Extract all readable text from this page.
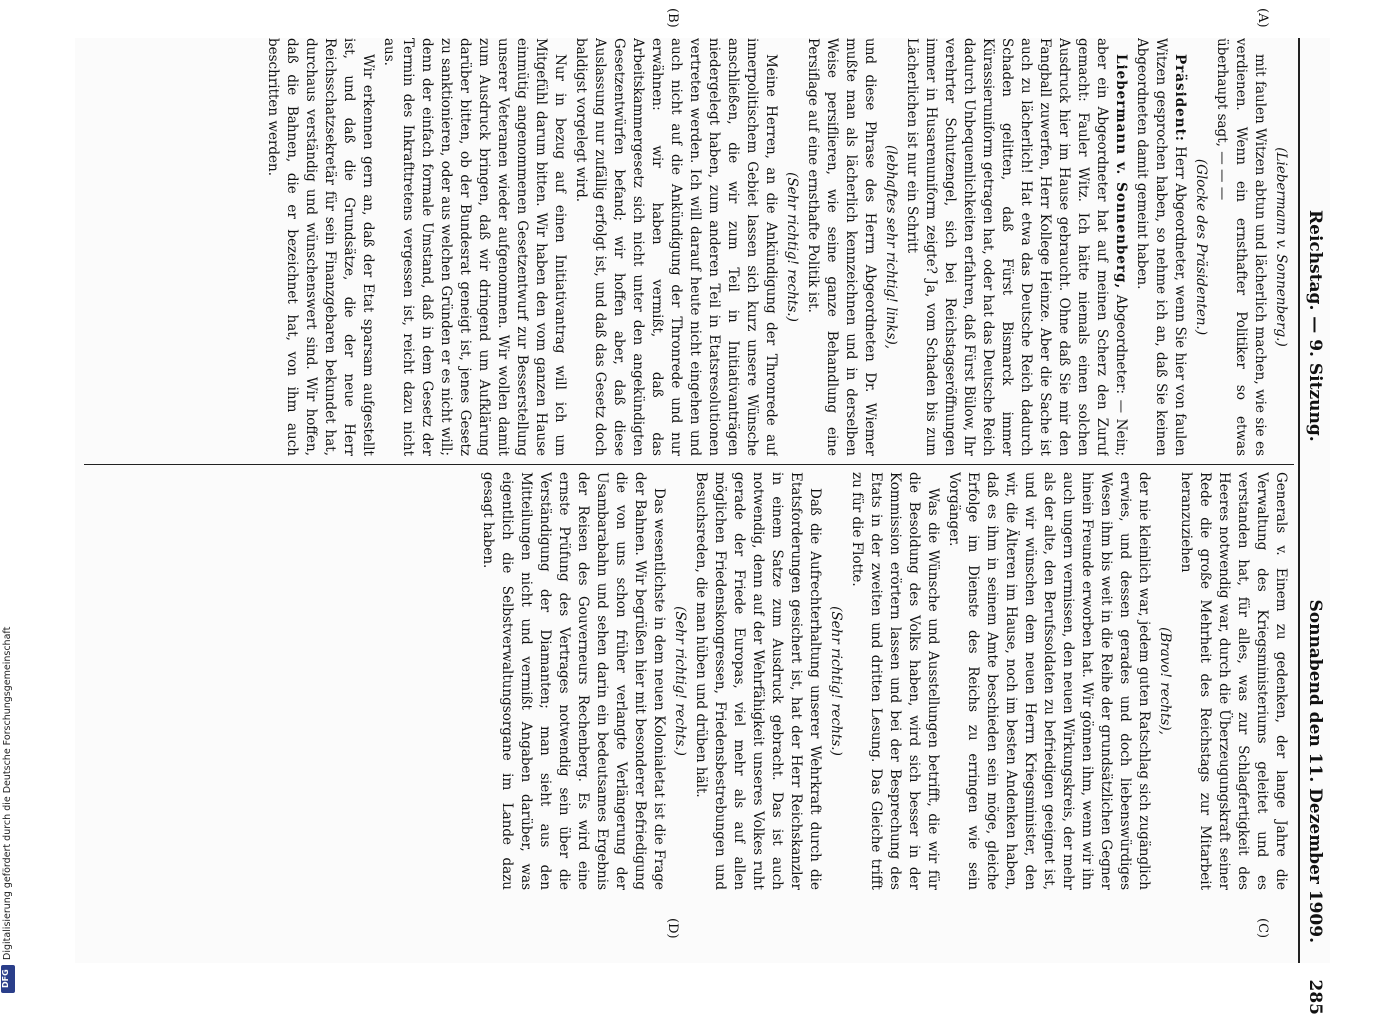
Digitalisierung gefördert durch die Deutsche Forschungsgemeinschaft
DFG
Reichstag. — 9. Sitzung.
Sonnabend den 11. Dezember 1909.
285

(Liebermann v. Sonnenberg.)

mit faulen Witzen abtun und lächerlich machen, wie sie es verdienen. Wenn ein ernsthafter Politiker so etwas überhaupt sagt, — — —

(Glocke des Präsidenten.)

Präsident: Herr Abgeordneter, wenn Sie hier von faulen Witzen gesprochen haben, so nehme ich an, daß Sie keinen Abgeordneten damit gemeint haben.

Liebermann v. Sonnenberg, Abgeordneter: — Nein; aber ein Abgeordneter hat auf meinen Scherz den Zuruf gemacht: Fauler Witz. Ich hätte niemals einen solchen Ausdruck hier im Hause gebraucht. Ohne daß Sie mir den Fangball zuwerfen, Herr Kollege Heinze. Aber die Sache ist auch zu lächerlich! Hat etwa das Deutsche Reich dadurch Schaden gelitten, daß Fürst Bismarck immer Kürassieruniform getragen hat, oder hat das Deutsche Reich dadurch Unbequemlichkeiten erfahren, daß Fürst Bülow, Ihr verehrter Schutzengel, sich bei Reichstagseröffnungen immer in Husarenuniform zeigte? Ja, vom Schaden bis zum Lächerlichen ist nur ein Schritt

(lebhaftes sehr richtig! links),

und diese Phrase des Herrn Abgeordneten Dr. Wiemer mußte man als lächerlich kennzeichnen und in derselben Weise persiflieren, wie seine ganze Behandlung eine Persiflage auf eine ernsthafte Politik ist.

(Sehr richtig! rechts.)

Meine Herren, an die Ankündigung der Thronrede auf innerpolitischem Gebiet lassen sich kurz unsere Wünsche anschließen, die wir zum Teil in Initiativanträgen niedergelegt haben, zum anderen Teil in Etatsresolutionen vertreten werden. Ich will darauf heute nicht eingehen und auch nicht auf die Ankündigung der Thronrede und nur erwähnen: wir haben vermißt, daß das Arbeitskammergesetz sich nicht unter den angekündigten Gesetzentwürfen befand; wir hoffen aber, daß diese Auslassung nur zufällig erfolgt ist, und daß das Gesetz doch baldigst vorgelegt wird.

Nur in bezug auf einen Initiativantrag will ich um Mitgefühl darum bitten. Wir haben den vom ganzen Hause einmütig angenommenen Gesetzentwurf zur Besserstellung unserer Veteranen wieder aufgenommen. Wir wollen damit zum Ausdruck bringen, daß wir dringend um Aufklärung darüber bitten, ob der Bundesrat geneigt ist, jenes Gesetz zu sanktionieren, oder aus welchen Gründen er es nicht will; denn der einfach formale Umstand, daß in dem Gesetz der Termin des Inkrafttretens vergessen ist, reicht dazu nicht aus.

Wir erkennen gern an, daß der Etat sparsam aufgestellt ist, und daß die Grundsätze, die der neue Herr Reichsschatzsekretär für sein Finanzgebaren bekundet hat, durchaus verständig und wünschenswert sind. Wir hoffen, daß die Bahnen, die er bezeichnet hat, von ihm auch beschritten werden.

Generals v. Einem zu gedenken, der lange Jahre die Verwaltung des Kriegsministeriums geleitet und es verstanden hat, für alles, was zur Schlagfertigkeit des Heeres notwendig war, durch die Überzeugungskraft seiner Rede die große Mehrheit des Reichstags zur Mitarbeit heranzuziehen

(Bravo! rechts),

der nie kleinlich war, jedem guten Ratschlag sich zugänglich erwies, und dessen gerades und doch liebenswürdiges Wesen ihm bis weit in die Reihe der grundsätzlichen Gegner hinein Freunde erworben hat. Wir gönnen ihm, wenn wir ihn auch ungern vermissen, den neuen Wirkungskreis, der mehr als der alte, den Berufssoldaten zu befriedigen geeignet ist, und wir wünschen dem neuen Herrn Kriegsminister, den wir, die Älteren im Hause, noch im besten Andenken haben, daß es ihm in seinem Amte beschieden sein möge, gleiche Erfolge im Dienste des Reichs zu erringen wie sein Vorgänger.

Was die Wünsche und Ausstellungen betrifft, die wir für die Besoldung des Volks haben, wird sich besser in der Kommission erörtern lassen und bei der Besprechung des Etats in der zweiten und dritten Lesung. Das Gleiche trifft zu für die Flotte.

(Sehr richtig! rechts.)

Daß die Aufrechterhaltung unserer Wehrkraft durch die Etatsforderungen gesichert ist, hat der Herr Reichskanzler in einem Satze zum Ausdruck gebracht. Das ist auch notwendig, denn auf der Wehrfähigkeit unseres Volkes ruht gerade der Friede Europas, viel mehr als auf allen möglichen Friedenskongressen, Friedensbestrebungen und Besuchsreden, die man hüben und drüben hält.

(Sehr richtig! rechts.)

Das wesentlichste in dem neuen Kolonialetat ist die Frage der Bahnen. Wir begrüßen hier mit besonderer Befriedigung die von uns schon früher verlangte Verlängerung der Usambarabahn und sehen darin ein bedeutsames Ergebnis der Reisen des Gouverneurs Rechenberg. Es wird eine ernste Prüfung des Vertrages notwendig sein über die Verständigung der Diamanten; man sieht aus den Mitteilungen nicht und vermißt Angaben darüber, was eigentlich die Selbstverwaltungsorgane im Lande dazu gesagt haben.

(A)
(B)
(C)
(D)
